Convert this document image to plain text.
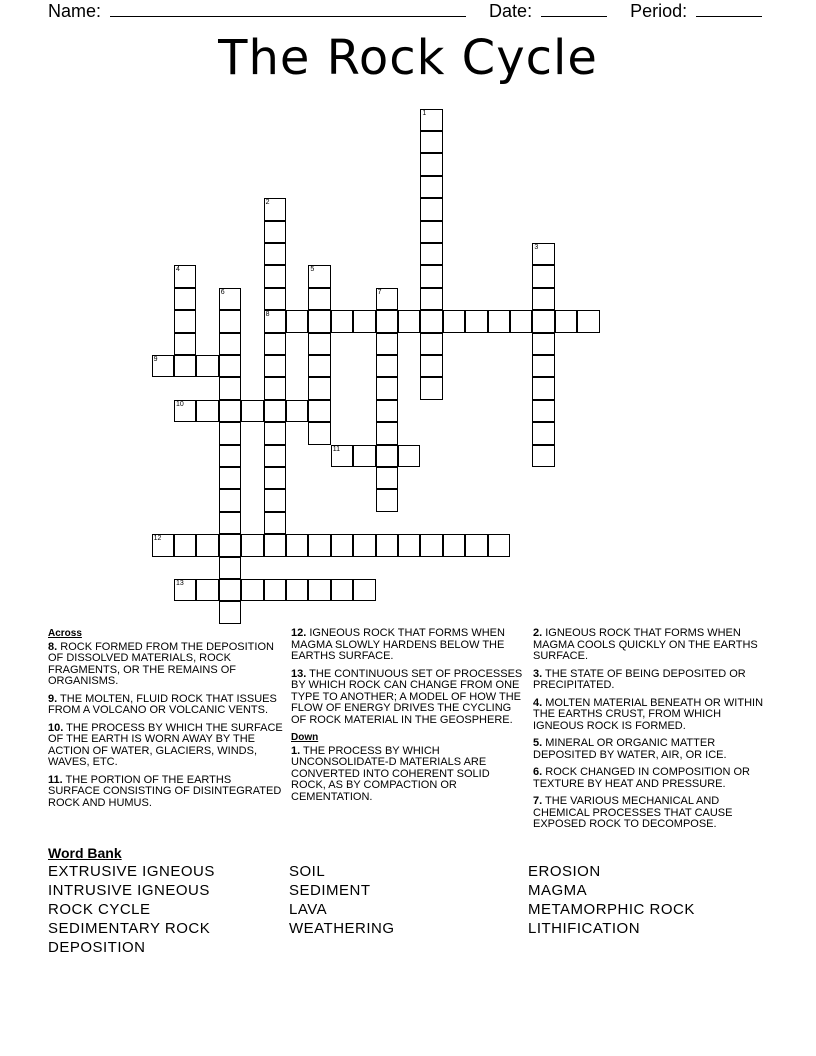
Name:	Date:	Period:
The Rock Cycle
1
2
8
3
4	5
6	7
9
10
11
12
13
Across
8. ROCK FORMED FROM THE DEPOSITION OF DISSOLVED MATERIALS, ROCK FRAGMENTS, OR THE REMAINS OF ORGANISMS.
9. THE MOLTEN, FLUID ROCK THAT ISSUES FROM A VOLCANO OR VOLCANIC VENTS.
10. THE PROCESS BY WHICH THE SURFACE OF THE EARTH IS WORN AWAY BY THE ACTION OF WATER, GLACIERS, WINDS, WAVES, ETC.
11. THE PORTION OF THE EARTHS SURFACE CONSISTING OF DISINTEGRATED ROCK AND HUMUS.
12. IGNEOUS ROCK THAT FORMS WHEN MAGMA SLOWLY HARDENS BELOW THE EARTHS SURFACE.
13. THE CONTINUOUS SET OF PROCESSES BY WHICH ROCK CAN CHANGE FROM ONE TYPE TO ANOTHER; A MODEL OF HOW THE FLOW OF ENERGY DRIVES THE CYCLING OF ROCK MATERIAL IN THE GEOSPHERE.
Down
1. THE PROCESS BY WHICH UNCONSOLIDATE-D MATERIALS ARE CONVERTED INTO COHERENT SOLID ROCK, AS BY COMPACTION OR CEMENTATION.
2. IGNEOUS ROCK THAT FORMS WHEN MAGMA COOLS QUICKLY ON THE EARTHS SURFACE.
3. THE STATE OF BEING DEPOSITED OR PRECIPITATED.
4. MOLTEN MATERIAL BENEATH OR WITHIN THE EARTHS CRUST, FROM WHICH IGNEOUS ROCK IS FORMED.
5. MINERAL OR ORGANIC MATTER DEPOSITED BY WATER, AIR, OR ICE.
6. ROCK CHANGED IN COMPOSITION OR TEXTURE BY HEAT AND PRESSURE.
7. THE VARIOUS MECHANICAL AND CHEMICAL PROCESSES THAT CAUSE EXPOSED ROCK TO DECOMPOSE.
Word Bank
EXTRUSIVE IGNEOUS
INTRUSIVE IGNEOUS
ROCK CYCLE
SEDIMENTARY ROCK
DEPOSITION
SOIL
SEDIMENT
LAVA
WEATHERING
EROSION
MAGMA
METAMORPHIC ROCK
LITHIFICATION
